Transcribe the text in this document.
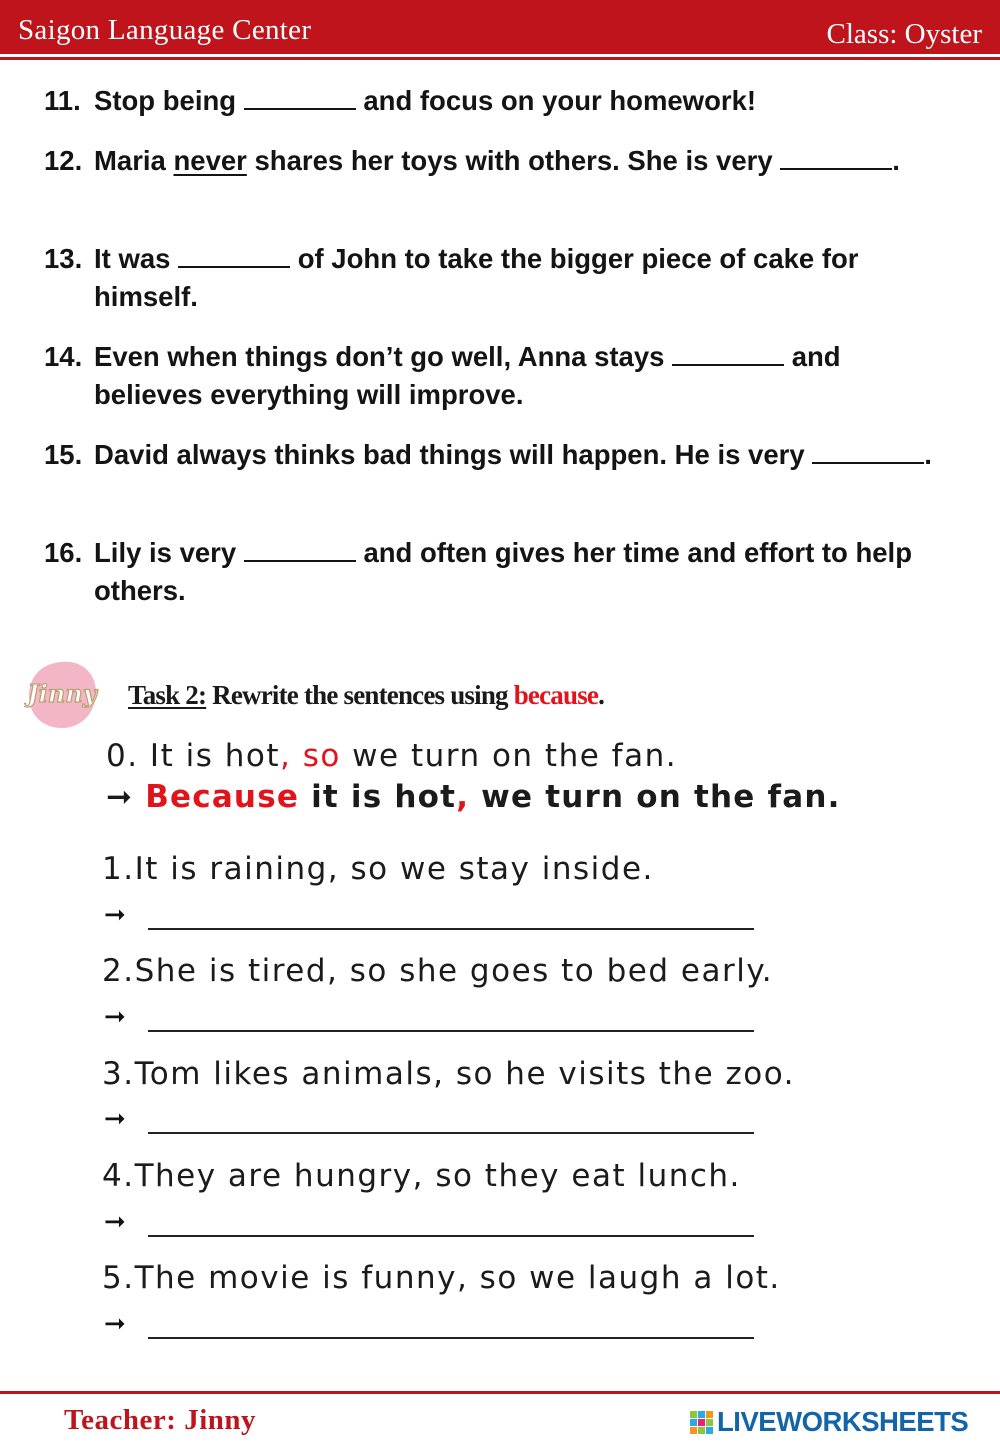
Saigon Language Center	Class: Oyster
11. Stop being	and focus on your homework!
12. Maria never shares her toys with others. She is very	.
13. It was	of John to take the bigger piece of cake for himself.
14. Even when things don’t go well, Anna stays	and believes everything will improve.
15. David always thinks bad things will happen. He is very	.
16. Lily is very	and often gives her time and effort to help others.
Jinny Task 2: Rewrite the sentences using because.
0. It is hot, so we turn on the fan.
➞ Because it is hot, we turn on the fan.
1.It is raining, so we stay inside.
➞
2.She is tired, so she goes to bed early.
➞
3.Tom likes animals, so he visits the zoo.
➞
4.They are hungry, so they eat lunch.
➞
5.The movie is funny, so we laugh a lot.
➞
Teacher: Jinny	LIVEWORKSHEETS
